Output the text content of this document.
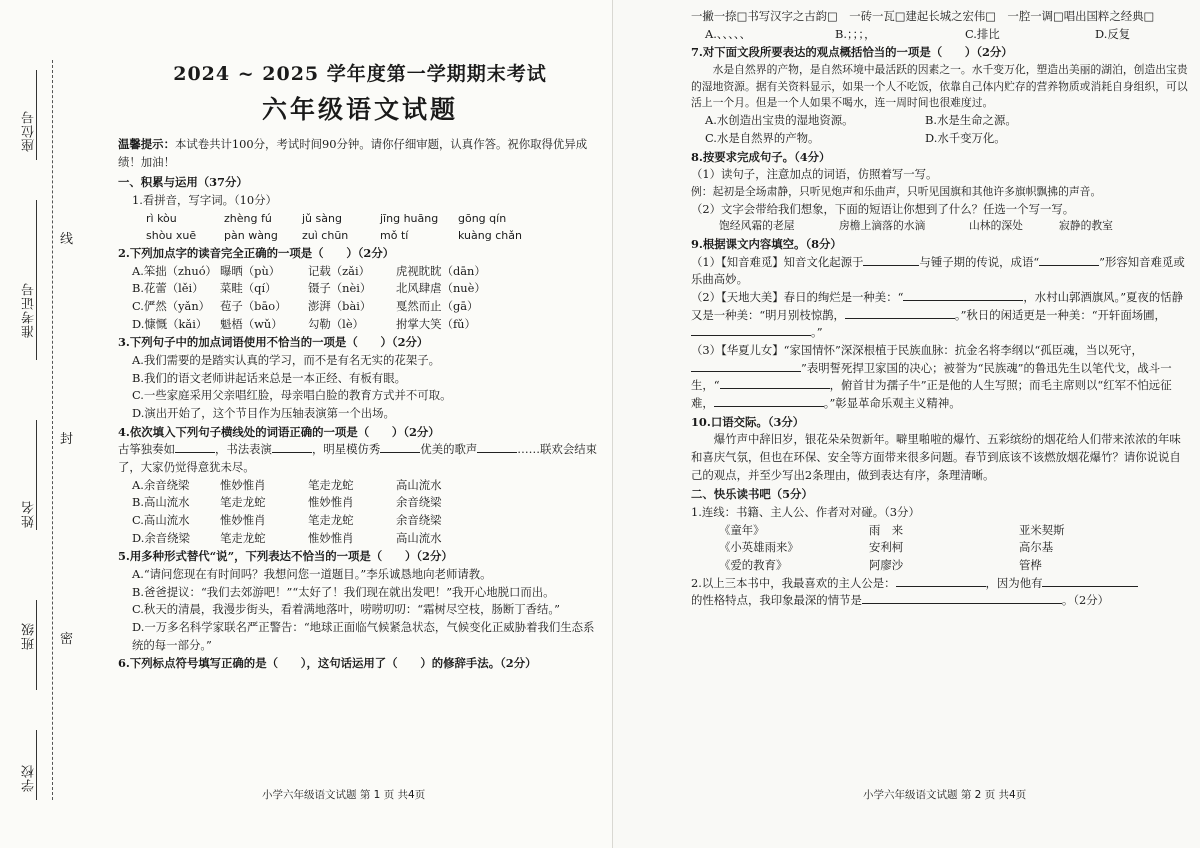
座位号
准考证号
姓名
班级
学校
线
封
密
2024 ~ 2025 学年度第一学期期末考试
六年级语文试题
温馨提示：本试卷共计100分，考试时间90分钟。请你仔细审题，认真作答。祝你取得优异成绩！加油！
一、积累与运用（37分）
1.看拼音，写字词。（10分）
rì kòu	zhèng fú	jǔ sàng	jīng huāng	gōng qín
shòu xuē	pàn wàng	zuì chūn	mǒ tí	kuàng chǎn
2.下列加点字的读音完全正确的一项是（　　）（2分）
A.笨拙（zhuó） 曝晒（pù）	记载（zǎi）	虎视眈眈（dān）
B.花蕾（lěi）	菜畦（qí）	镊子（nèi）	北风肆虐（nuè）
C.俨然（yǎn） 苞子（bāo）	澎湃（bài）	戛然而止（gā）
D.慷慨（kǎi）	魁梧（wǔ）	勾勒（lè）	拊掌大笑（fǔ）
3.下列句子中的加点词语使用不恰当的一项是（　　）（2分）
A.我们需要的是踏实认真的学习，而不是有名无实的花架子。
B.我们的语文老师讲起话来总是一本正经、有板有眼。
C.一些家庭采用父亲唱红脸，母亲唱白脸的教育方式并不可取。
D.演出开始了，这个节目作为压轴表演第一个出场。
4.依次填入下列句子横线处的词语正确的一项是（　　）（2分）
古筝独奏如	，书法表演	，明星模仿秀	优美的歌声	……联欢会结束了，大家仍觉得意犹未尽。
A.余音绕梁	惟妙惟肖	笔走龙蛇	高山流水
B.高山流水	笔走龙蛇	惟妙惟肖	余音绕梁
C.高山流水	惟妙惟肖	笔走龙蛇	余音绕梁
D.余音绕梁	笔走龙蛇	惟妙惟肖	高山流水
5.用多种形式替代“说”，下列表达不恰当的一项是（　　）（2分）
A.“请问您现在有时间吗？我想问您一道题目。”李乐诚恳地向老师请教。
B.爸爸提议：“我们去郊游吧！”“太好了！我们现在就出发吧！”我开心地脱口而出。
C.秋天的清晨，我漫步街头，看着满地落叶，唠唠叨叨：“霜树尽空枝，肠断丁香结。”
D.一万多名科学家联名严正警告：“地球正面临气候紧急状态，气候变化正威胁着我们生态系统的每一部分。”
6.下列标点符号填写正确的是（　　），这句话运用了（　　）的修辞手法。（2分）
小学六年级语文试题 第 1 页 共4页
一撇一捺□书写汉字之古韵□　一砖一瓦□建起长城之宏伟□　一腔一调□唱出国粹之经典□
A.、、、、、	B.；；；，	C.排比	D.反复
7.对下面文段所要表达的观点概括恰当的一项是（　　）（2分）
水是自然界的产物，是自然环境中最活跃的因素之一。水千变万化，塑造出美丽的湖泊，创造出宝贵的湿地资源。据有关资料显示，如果一个人不吃饭，依靠自己体内贮存的营养物质或消耗自身组织，可以活上一个月。但是一个人如果不喝水，连一周时间也很难度过。
A.水创造出宝贵的湿地资源。	B.水是生命之源。
C.水是自然界的产物。	D.水千变万化。
8.按要求完成句子。（4分）
（1）读句子，注意加点的词语，仿照着写一写。
例：起初是全场肃静，只听见炮声和乐曲声，只听见国旗和其他许多旗帜飘拂的声音。
（2）文字会带给我们想象，下面的短语让你想到了什么？任选一个写一写。
饱经风霜的老屋	房檐上滴落的水滴	山林的深处	寂静的教室
9.根据课文内容填空。（8分）
（1）【知音难觅】知音文化起源于	与锺子期的传说，成语“	”形容知音难觅或乐曲高妙。
（2）【天地大美】春日的绚烂是一种美：“	，水村山郭酒旗风。”夏夜的恬静又是一种美：“明月别枝惊鹊，	。”秋日的闲适更是一种美：“开轩面场圃，。”
（3）【华夏儿女】“家国情怀”深深根植于民族血脉：抗金名将李纲以“孤臣魂，当以死守，”表明誓死捍卫家国的决心；被誉为“民族魂”的鲁迅先生以笔代戈，战斗一生，“	，俯首甘为孺子牛”正是他的人生写照；而毛主席则以“红军不怕远征难，	。”彰显革命乐观主义精神。
10.口语交际。（3分）
爆竹声中辞旧岁，银花朵朵贺新年。噼里啪啦的爆竹、五彩缤纷的烟花给人们带来浓浓的年味和喜庆气氛，但也在环保、安全等方面带来很多问题。春节到底该不该燃放烟花爆竹？请你说说自己的观点，并至少写出2条理由，做到表达有序，条理清晰。
二、快乐读书吧（5分）
1.连线：书籍、主人公、作者对对碰。（3分）
《童年》	雨　来	亚米契斯
《小英雄雨来》	安利柯	高尔基
《爱的教育》	阿廖沙	管桦
2.以上三本书中，我最喜欢的主人公是：	，因为他有
的性格特点，我印象最深的情节是	。（2分）
小学六年级语文试题 第 2 页 共4页
